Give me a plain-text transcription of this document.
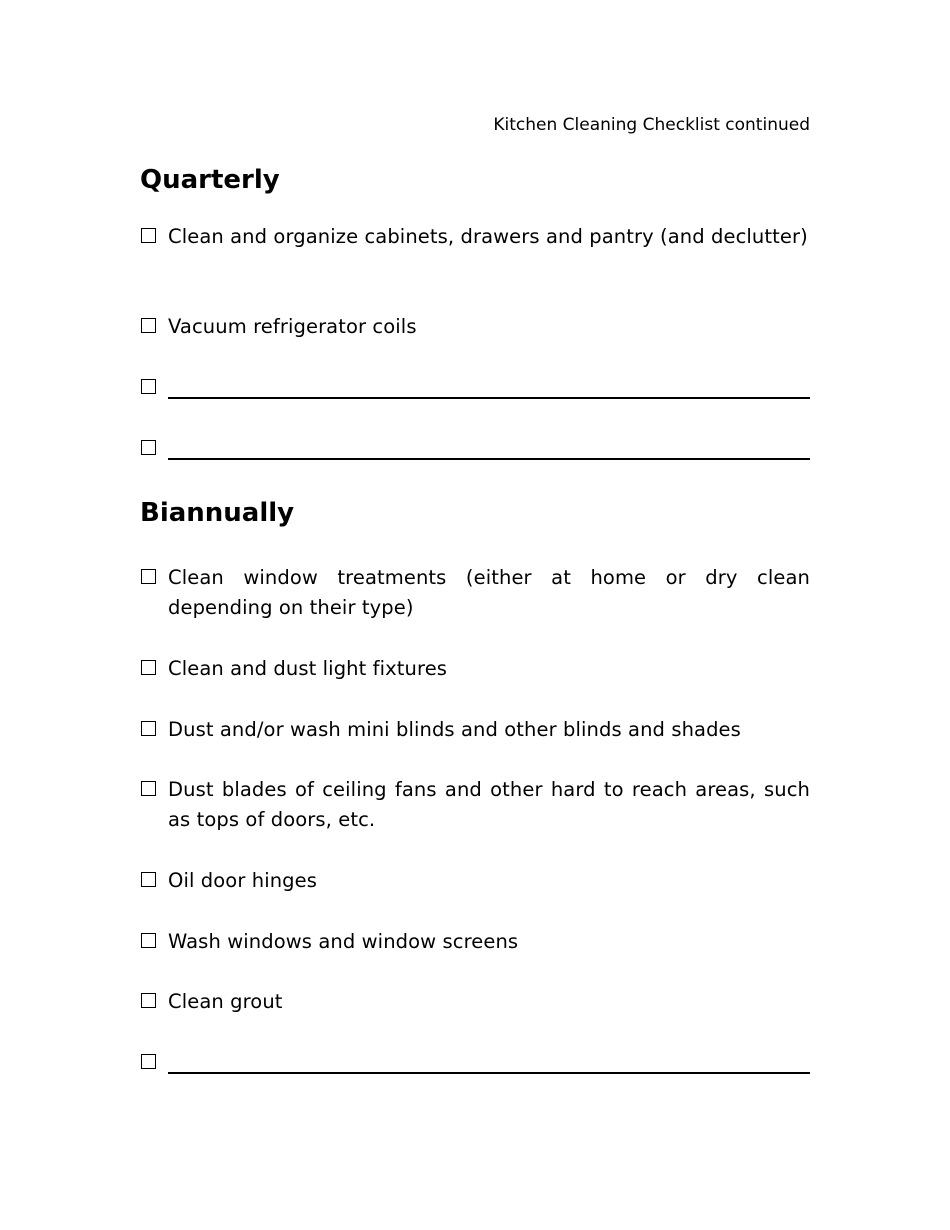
Kitchen Cleaning Checklist continued
Quarterly
Clean and organize cabinets, drawers and pantry (and declutter)
Vacuum refrigerator coils
Biannually
Clean window treatments (either at home or dry clean depending on their type)
Clean and dust light fixtures
Dust and/or wash mini blinds and other blinds and shades
Dust blades of ceiling fans and other hard to reach areas, such as tops of doors, etc.
Oil door hinges
Wash windows and window screens
Clean grout
